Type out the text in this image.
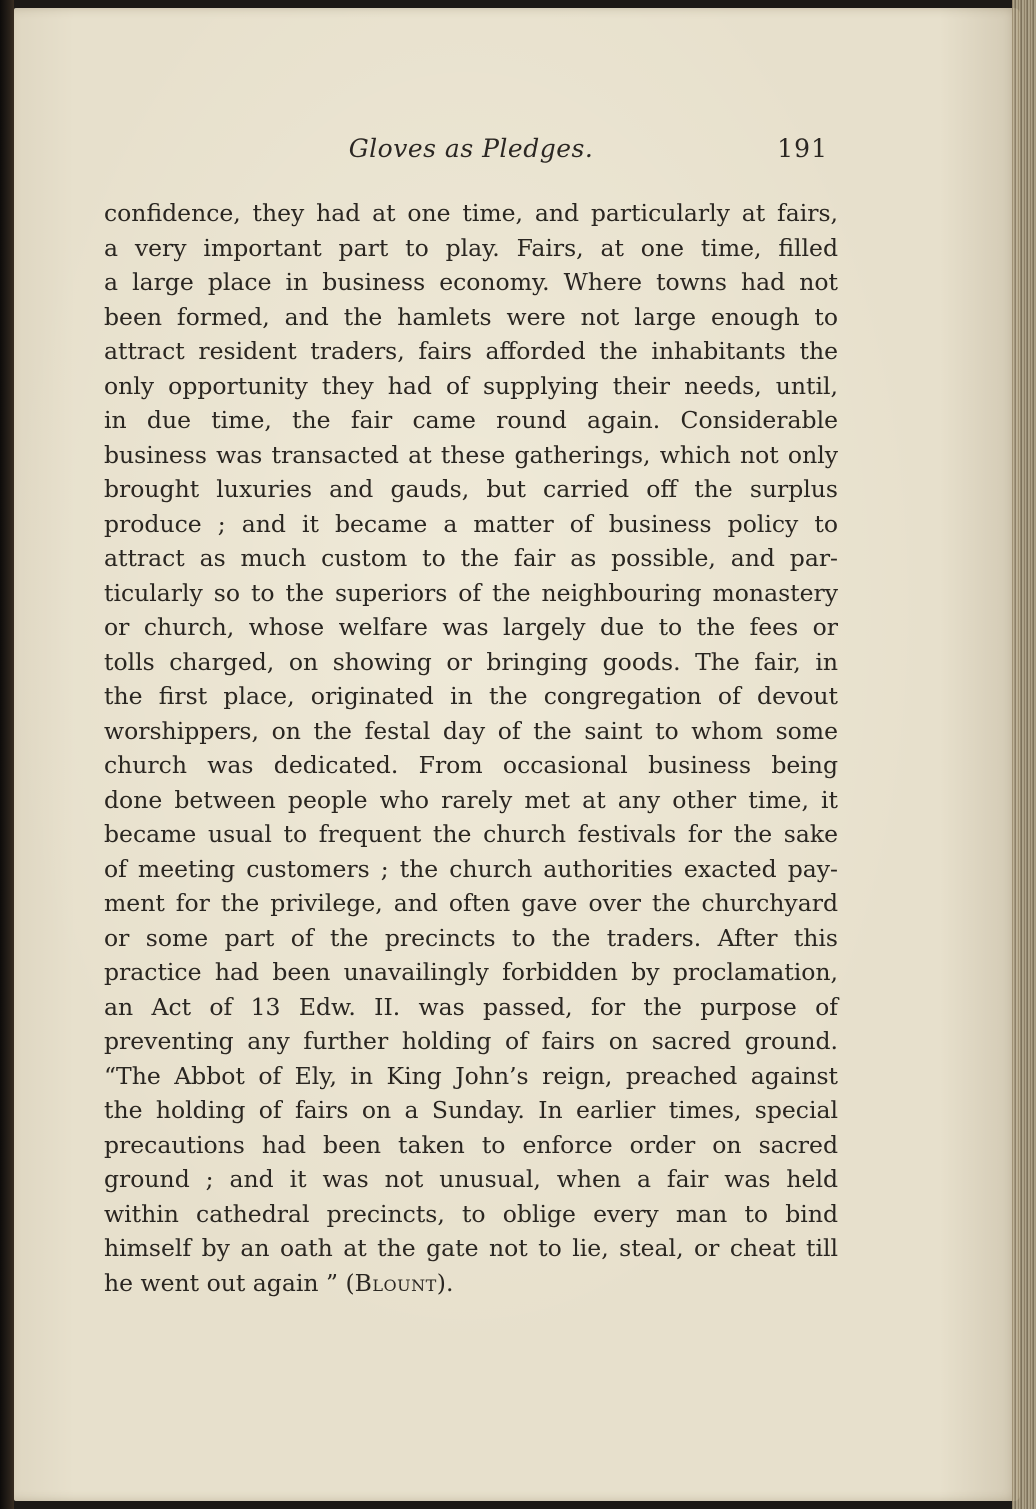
Gloves as Pledges.	191
confidence, they had at one time, and particularly at fairs,
a very important part to play. Fairs, at one time, filled
a large place in business economy. Where towns had not
been formed, and the hamlets were not large enough to
attract resident traders, fairs afforded the inhabitants the
only opportunity they had of supplying their needs, until,
in due time, the fair came round again. Considerable
business was transacted at these gatherings, which not only
brought luxuries and gauds, but carried off the surplus
produce ; and it became a matter of business policy to
attract as much custom to the fair as possible, and par-
ticularly so to the superiors of the neighbouring monastery
or church, whose welfare was largely due to the fees or
tolls charged, on showing or bringing goods. The fair, in
the first place, originated in the congregation of devout
worshippers, on the festal day of the saint to whom some
church was dedicated. From occasional business being
done between people who rarely met at any other time, it
became usual to frequent the church festivals for the sake
of meeting customers ; the church authorities exacted pay-
ment for the privilege, and often gave over the churchyard
or some part of the precincts to the traders. After this
practice had been unavailingly forbidden by proclamation,
an Act of 13 Edw. II. was passed, for the purpose of
preventing any further holding of fairs on sacred ground.
“The Abbot of Ely, in King John’s reign, preached against
the holding of fairs on a Sunday. In earlier times, special
precautions had been taken to enforce order on sacred
ground ; and it was not unusual, when a fair was held
within cathedral precincts, to oblige every man to bind
himself by an oath at the gate not to lie, steal, or cheat till
he went out again ” (Blount).
